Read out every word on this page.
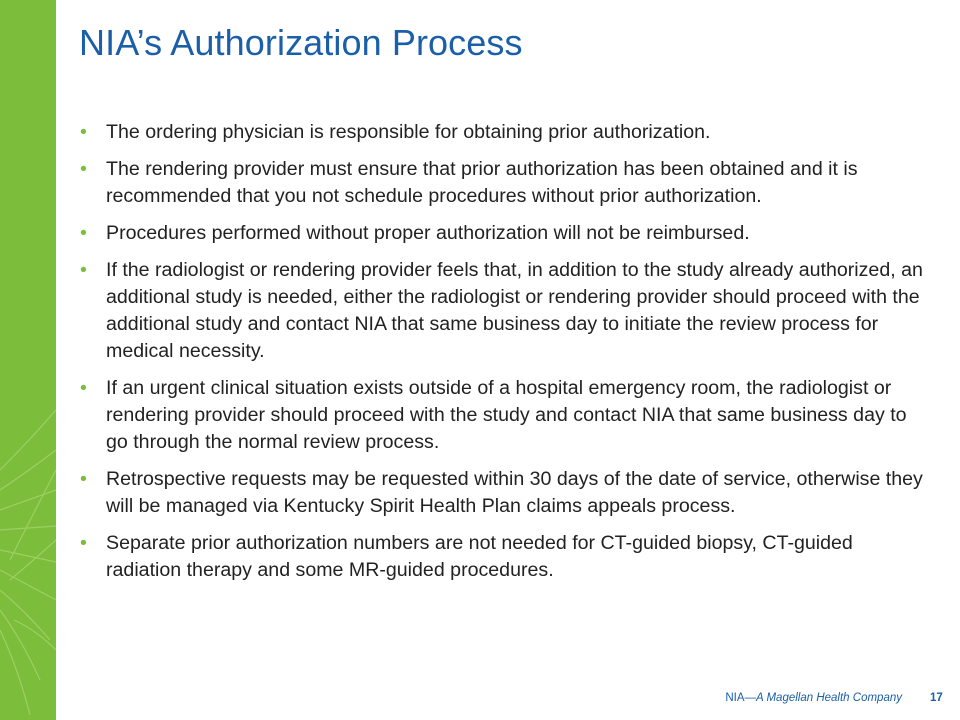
NIA’s Authorization Process
• The ordering physician is responsible for obtaining prior authorization.
• The rendering provider must ensure that prior authorization has been obtained and it is recommended that you not schedule procedures without prior authorization.
• Procedures performed without proper authorization will not be reimbursed.
• If the radiologist or rendering provider feels that, in addition to the study already authorized, an additional study is needed, either the radiologist or rendering provider should proceed with the additional study and contact NIA that same business day to initiate the review process for medical necessity.
• If an urgent clinical situation exists outside of a hospital emergency room, the radiologist or rendering provider should proceed with the study and contact NIA that same business day to go through the normal review process.
• Retrospective requests may be requested within 30 days of the date of service, otherwise they will be managed via Kentucky Spirit Health Plan claims appeals process.
• Separate prior authorization numbers are not needed for CT-guided biopsy, CT-guided radiation therapy and some MR-guided procedures.
NIA—A Magellan Health Company 17
